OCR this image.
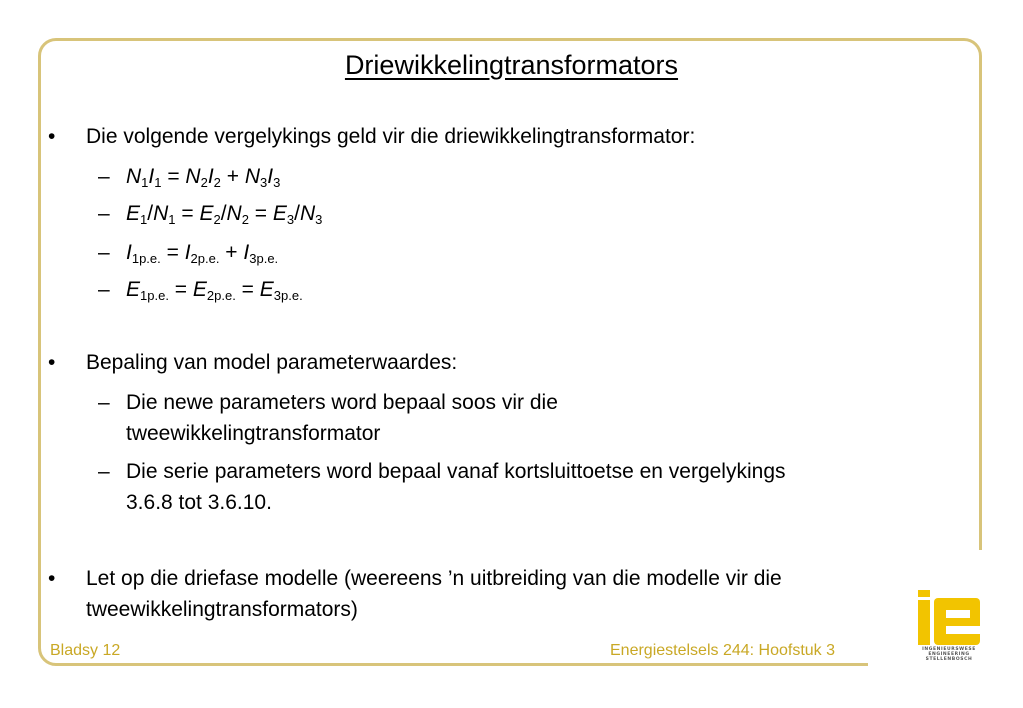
Driewikkelingtransformators
• Die volgende vergelykings geld vir die driewikkelingtransformator:
– $N_1I_1 = N_2I_2 + N_3I_3$
– $E_1/N_1 = E_2/N_2 = E_3/N_3$
– $I_{1p.e.} = I_{2p.e.} + I_{3p.e.}$
– $E_{1p.e.} = E_{2p.e.} = E_{3p.e.}$
• Bepaling van model parameterwaardes:
– Die newe parameters word bepaal soos vir die
tweewikkelingtransformator
– Die serie parameters word bepaal vanaf kortsluittoetse en vergelykings
3.6.8 tot 3.6.10.
• Let op die driefase modelle (weereens ’n uitbreiding van die modelle vir die
tweewikkelingtransformators)
Bladsy 12	Energiestelsels 244: Hoofstuk 3	INGENIEURSWESE
ENGINEERING
STELLENBOSCH
